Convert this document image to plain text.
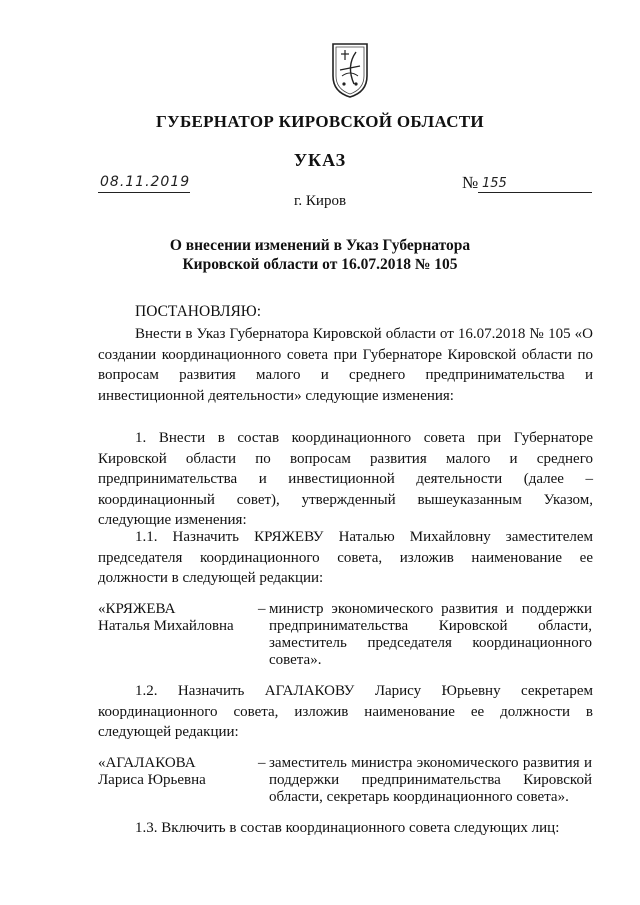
ГУБЕРНАТОР КИРОВСКОЙ ОБЛАСТИ
УКАЗ
08.11.2019	№ 155
г. Киров
О внесении изменений в Указ Губернатора
Кировской области от 16.07.2018 № 105
ПОСТАНОВЛЯЮ:

Внести в Указ Губернатора Кировской области от 16.07.2018 № 105 «О создании координационного совета при Губернаторе Кировской области по вопросам развития малого и среднего предпринимательства и инвестиционной деятельности» следующие изменения:

1. Внести в состав координационного совета при Губернаторе Кировской области по вопросам развития малого и среднего предпринимательства и инвестиционной деятельности (далее – координационный совет), утвержденный вышеуказанным Указом, следующие изменения:

1.1. Назначить КРЯЖЕВУ Наталью Михайловну заместителем председателя координационного совета, изложив наименование ее должности в следующей редакции:

«КРЯЖЕВА
Наталья Михайловна
– министр экономического развития и поддержки предпринимательства Кировской области, заместитель председателя координационного совета».

1.2. Назначить АГАЛАКОВУ Ларису Юрьевну секретарем координационного совета, изложив наименование ее должности в следующей редакции:

«АГАЛАКОВА
Лариса Юрьевна
– заместитель министра экономического развития и поддержки предпринимательства Кировской области, секретарь координационного совета».

1.3. Включить в состав координационного совета следующих лиц:
